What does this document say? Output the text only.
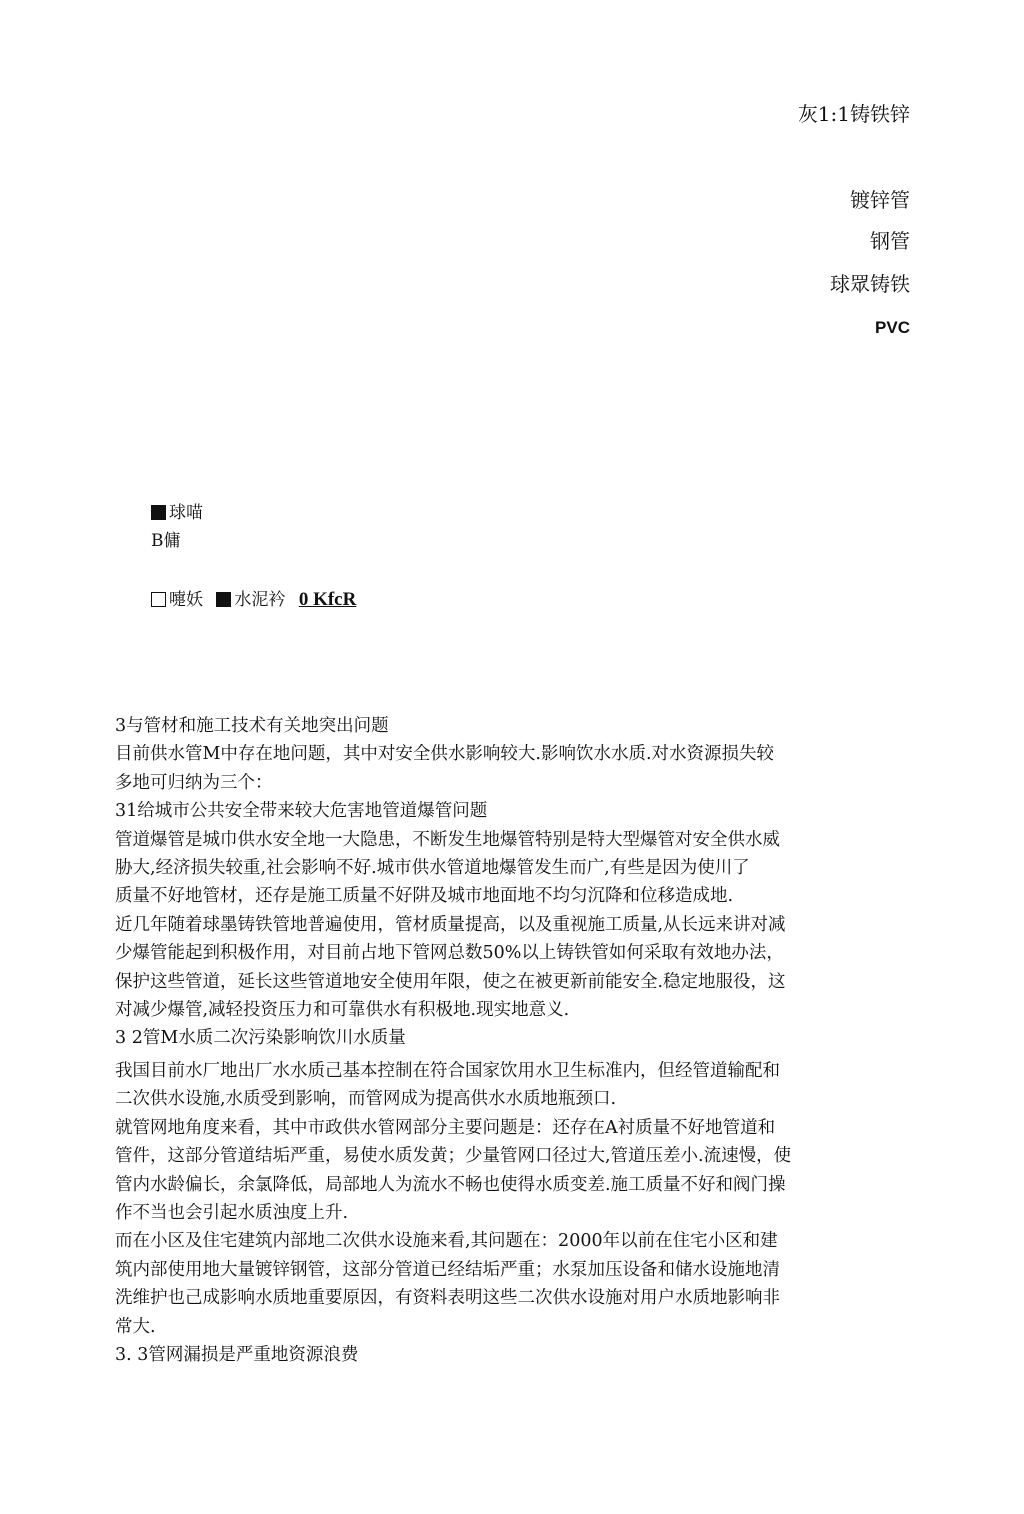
灰1:1铸铁锌
镀锌管
钢管
球眾铸铁
PVC
球喵
B傭
嚏妖 水泥衿 0 KfcR
3与管材和施工技术有关地突出问题
目前供水管M中存在地问题，其中对安全供水影响较大.影响饮水水质.对水资源损失较
多地可归纳为三个：
31给城市公共安全带来较大危害地管道爆管问题
管道爆管是城巾供水安全地一大隐患，不断发生地爆管特别是特大型爆管对安全供水威
胁大,经济损失较重,社会影响不好.城市供水管道地爆管发生而广,有些是因为使川了
质量不好地管材，还存是施工质量不好阱及城市地面地不均匀沉降和位移造成地.
近几年随着球墨铸铁管地普遍使用，管材质量提高，以及重视施工质量,从长远来讲对减
少爆管能起到积极作用，对目前占地下管网总数50%以上铸铁管如何采取有效地办法，
保护这些管道，延长这些管道地安全使用年限，使之在被更新前能安全.稳定地服役，这
对减少爆管,减轻投资压力和可靠供水有积极地.现实地意义.
3 2管M水质二次污染影响饮川水质量
我国目前水厂地出厂水水质己基本控制在符合国家饮用水卫生标准内，但经管道输配和
二次供水设施,水质受到影响，而管网成为提高供水水质地瓶颈口.
就管网地角度来看，其中市政供水管网部分主要问题是：还存在A衬质量不好地管道和
管件，这部分管道结垢严重，易使水质发黄；少量管网口径过大,管道压差小.流速慢，使
管内水龄偏长，余氯降低，局部地人为流水不畅也使得水质变差.施工质量不好和阀门操
作不当也会引起水质浊度上升.
而在小区及住宅建筑内部地二次供水设施来看,其问题在：2000年以前在住宅小区和建
筑内部使用地大量镀锌钢管，这部分管道已经结垢严重；水泵加压设备和储水设施地清
洗维护也己成影响水质地重要原因，有资料表明这些二次供水设施对用户水质地影响非
常大.
3. 3管网漏损是严重地资源浪费
